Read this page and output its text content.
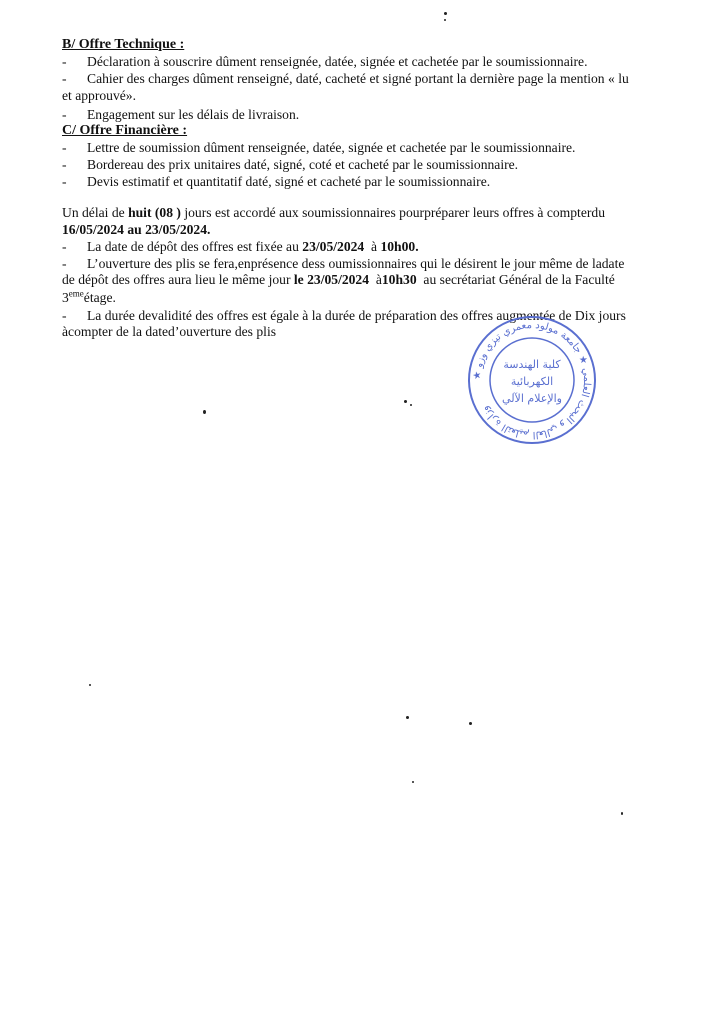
B/ Offre Technique :
- Déclaration à souscrire dûment renseignée, datée, signée et cachetée par le soumissionnaire.
- Cahier des charges dûment renseigné, daté, cacheté et signé portant la dernière page la mention « lu
et approuvé».
- Engagement sur les délais de livraison.
C/ Offre Financière :
- Lettre de soumission dûment renseignée, datée, signée et cachetée par le soumissionnaire.
- Bordereau des prix unitaires daté, signé, coté et cacheté par le soumissionnaire.
- Devis estimatif et quantitatif daté, signé et cacheté par le soumissionnaire.
Un délai de huit (08 ) jours est accordé aux soumissionnaires pourpréparer leurs offres à compterdu
16/05/2024 au 23/05/2024.
- La date de dépôt des offres est fixée au 23/05/2024  à 10h00.
- L’ouverture des plis se fera,enprésence dess oumissionnaires qui le désirent le jour même de ladate
de dépôt des offres aura lieu le même jour le 23/05/2024  à10h30  au secrétariat Général de la Faculté
3emeétage.
- La durée devalidité des offres est égale à la durée de préparation des offres augmentée de Dix jours
àcompter de la dated’ouverture des plis
★ وزارة التعليم العالي و البحث العلمي ★ جامعة مولود معمري تيزي وزو
كلية الهندسة
الكهربائية
والإعلام الآلي
